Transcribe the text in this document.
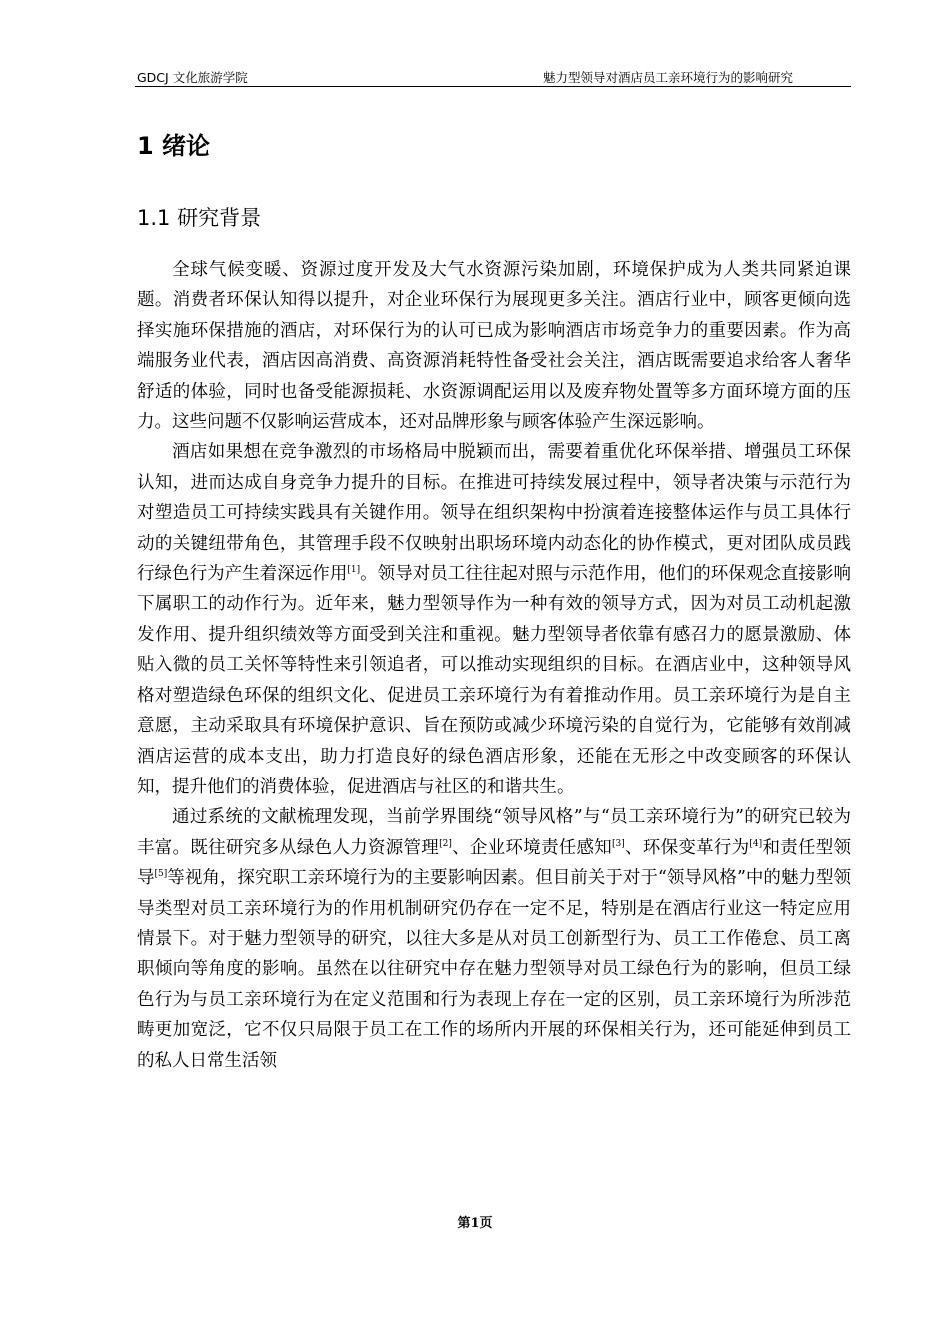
GDCJ 文化旅游学院	魅力型领导对酒店员工亲环境行为的影响研究
1 绪论
1.1 研究背景

全球气候变暖、资源过度开发及大气水资源污染加剧，环境保护成为人类共同紧迫课题。消费者环保认知得以提升，对企业环保行为展现更多关注。酒店行业中，顾客更倾向选择实施环保措施的酒店，对环保行为的认可已成为影响酒店市场竞争力的重要因素。作为高端服务业代表，酒店因高消费、高资源消耗特性备受社会关注，酒店既需要追求给客人奢华舒适的体验，同时也备受能源损耗、水资源调配运用以及废弃物处置等多方面环境方面的压力。这些问题不仅影响运营成本，还对品牌形象与顾客体验产生深远影响。

酒店如果想在竞争激烈的市场格局中脱颖而出，需要着重优化环保举措、增强员工环保认知，进而达成自身竞争力提升的目标。在推进可持续发展过程中，领导者决策与示范行为对塑造员工可持续实践具有关键作用。领导在组织架构中扮演着连接整体运作与员工具体行动的关键纽带角色，其管理手段不仅映射出职场环境内动态化的协作模式，更对团队成员践行绿色行为产生着深远作用[1]。领导对员工往往起对照与示范作用，他们的环保观念直接影响下属职工的动作行为。近年来，魅力型领导作为一种有效的领导方式，因为对员工动机起激发作用、提升组织绩效等方面受到关注和重视。魅力型领导者依靠有感召力的愿景激励、体贴入微的员工关怀等特性来引领追者，可以推动实现组织的目标。在酒店业中，这种领导风格对塑造绿色环保的组织文化、促进员工亲环境行为有着推动作用。员工亲环境行为是自主意愿，主动采取具有环境保护意识、旨在预防或减少环境污染的自觉行为，它能够有效削减酒店运营的成本支出，助力打造良好的绿色酒店形象，还能在无形之中改变顾客的环保认知，提升他们的消费体验，促进酒店与社区的和谐共生。

通过系统的文献梳理发现，当前学界围绕“领导风格”与“员工亲环境行为”的研究已较为丰富。既往研究多从绿色人力资源管理[2]、企业环境责任感知[3]、环保变革行为[4]和责任型领导[5]等视角，探究职工亲环境行为的主要影响因素。但目前关于对于“领导风格”中的魅力型领导类型对员工亲环境行为的作用机制研究仍存在一定不足，特别是在酒店行业这一特定应用情景下。对于魅力型领导的研究，以往大多是从对员工创新型行为、员工工作倦怠、员工离职倾向等角度的影响。虽然在以往研究中存在魅力型领导对员工绿色行为的影响，但员工绿色行为与员工亲环境行为在定义范围和行为表现上存在一定的区别，员工亲环境行为所涉范畴更加宽泛，它不仅只局限于员工在工作的场所内开展的环保相关行为，还可能延伸到员工的私人日常生活领

第1页
